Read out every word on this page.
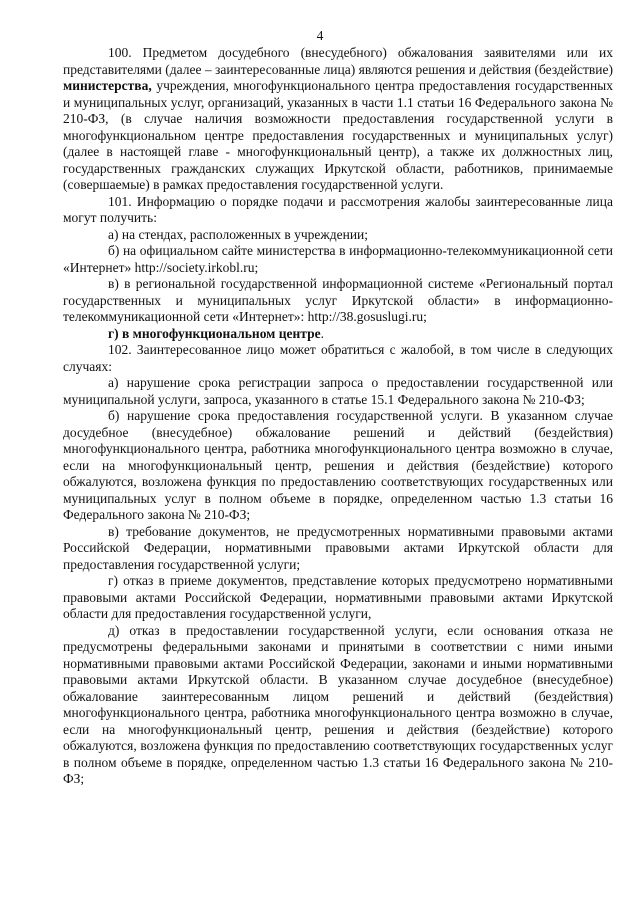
4

100. Предметом досудебного (внесудебного) обжалования заявителями или их представителями (далее – заинтересованные лица) являются решения и действия (бездействие) министерства, учреждения, многофункционального центра предоставления государственных и муниципальных услуг, организаций, указанных в части 1.1 статьи 16 Федерального закона № 210-ФЗ, (в случае наличия возможности предоставления государственной услуги в многофункциональном центре предоставления государственных и муниципальных услуг) (далее в настоящей главе - многофункциональный центр), а также их должностных лиц, государственных гражданских служащих Иркутской области, работников, принимаемые (совершаемые) в рамках предоставления государственной услуги.

101. Информацию о порядке подачи и рассмотрения жалобы заинтересованные лица могут получить:

а) на стендах, расположенных в учреждении;

б) на официальном сайте министерства в информационно-телекоммуникационной сети «Интернет» http://society.irkobl.ru;

в) в региональной государственной информационной системе «Региональный портал государственных и муниципальных услуг Иркутской области» в информационно-телекоммуникационной сети «Интернет»: http://38.gosuslugi.ru;

г) в многофункциональном центре.

102. Заинтересованное лицо может обратиться с жалобой, в том числе в следующих случаях:

а) нарушение срока регистрации запроса о предоставлении государственной или муниципальной услуги, запроса, указанного в статье 15.1 Федерального закона № 210-ФЗ;

б) нарушение срока предоставления государственной услуги. В указанном случае досудебное (внесудебное) обжалование решений и действий (бездействия) многофункционального центра, работника многофункционального центра возможно в случае, если на многофункциональный центр, решения и действия (бездействие) которого обжалуются, возложена функция по предоставлению соответствующих государственных или муниципальных услуг в полном объеме в порядке, определенном частью 1.3 статьи 16 Федерального закона № 210-ФЗ;

в) требование документов, не предусмотренных нормативными правовыми актами Российской Федерации, нормативными правовыми актами Иркутской области для предоставления государственной услуги;

г) отказ в приеме документов, представление которых предусмотрено нормативными правовыми актами Российской Федерации, нормативными правовыми актами Иркутской области для предоставления государственной услуги,

д) отказ в предоставлении государственной услуги, если основания отказа не предусмотрены федеральными законами и принятыми в соответствии с ними иными нормативными правовыми актами Российской Федерации, законами и иными нормативными правовыми актами Иркутской области. В указанном случае досудебное (внесудебное) обжалование заинтересованным лицом решений и действий (бездействия) многофункционального центра, работника многофункционального центра возможно в случае, если на многофункциональный центр, решения и действия (бездействие) которого обжалуются, возложена функция по предоставлению соответствующих государственных услуг в полном объеме в порядке, определенном частью 1.3 статьи 16 Федерального закона № 210-ФЗ;
